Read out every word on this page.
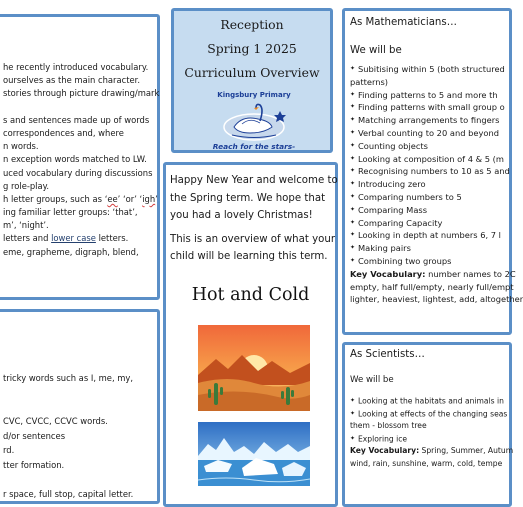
he recently introduced vocabulary.
ourselves as the main character.
stories through picture drawing/mark
s and sentences made up of words
correspondences and, where
n words.
n exception words matched to LW.
uced vocabulary during discussions
g role-play.
h letter groups, such as ‘ee’ ‘or’ ‘igh’
ing familiar letter groups: ‘that’,
m’, ‘night’.
letters and lower case letters.
eme, grapheme, digraph, blend,
tricky words such as I, me, my,
CVC, CVCC, CCVC words.
d/or sentences
rd.
tter formation.
r space, full stop, capital letter.
Reception
Spring 1 2025
Curriculum Overview
Kingsbury Primary
Reach for the stars-
Happy New Year and welcome to
the Spring term. We hope that
you had a lovely Christmas!
This is an overview of what your
child will be learning this term.
Hot and Cold
As Mathematicians…
We will be
✦ Subitising within 5 (both structured
patterns)
✦ Finding patterns to 5 and more th
✦ Finding patterns with small group o
✦ Matching arrangements to fingers
✦ Verbal counting to 20 and beyond
✦ Counting objects
✦ Looking at composition of 4 & 5 (m
✦ Recognising numbers to 10 as 5 and
✦ Introducing zero
✦ Comparing numbers to 5
✦ Comparing Mass
✦ Comparing Capacity
✦ Looking in depth at numbers 6, 7 l
✦ Making pairs
✦ Combining two groups
Key Vocabulary: number names to 2C
empty, half full/empty, nearly full/empt
lighter, heaviest, lightest, add, altogether
As Scientists…
We will be
✦ Looking at the habitats and animals in
✦ Looking at effects of the changing seas
them - blossom tree
✦ Exploring ice
Key Vocabulary: Spring, Summer, Autum
wind, rain, sunshine, warm, cold, tempe
